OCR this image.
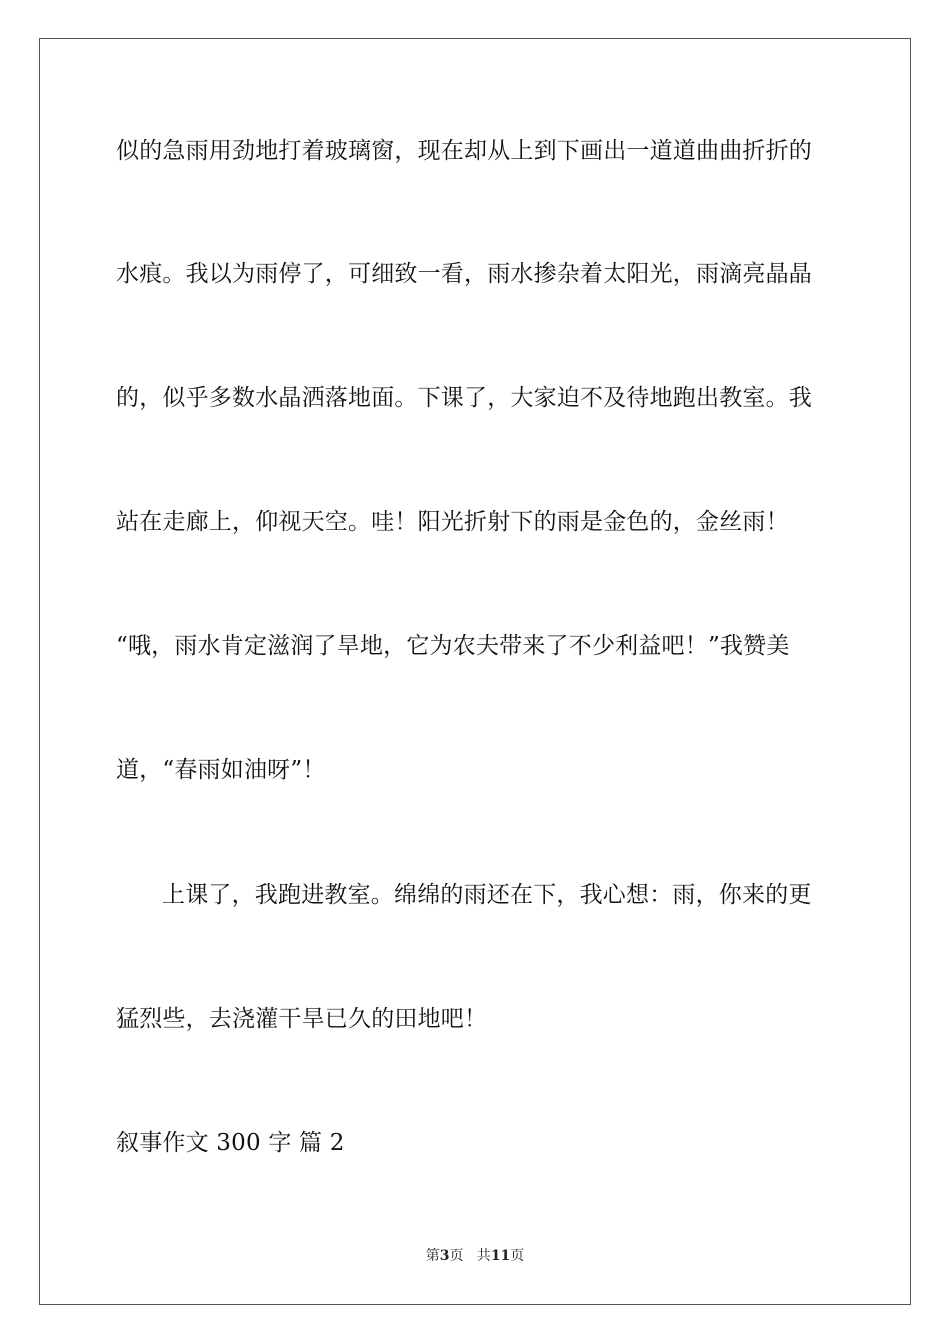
似的急雨用劲地打着玻璃窗，现在却从上到下画出一道道曲曲折折的
水痕。我以为雨停了，可细致一看，雨水掺杂着太阳光，雨滴亮晶晶
的，似乎多数水晶洒落地面。下课了，大家迫不及待地跑出教室。我
站在走廊上，仰视天空。哇！阳光折射下的雨是金色的，金丝雨！
“哦，雨水肯定滋润了旱地，它为农夫带来了不少利益吧！”我赞美
道，“春雨如油呀”！
上课了，我跑进教室。绵绵的雨还在下，我心想：雨，你来的更
猛烈些，去浇灌干旱已久的田地吧！
叙事作文 300 字 篇 2
第3页   共11页
